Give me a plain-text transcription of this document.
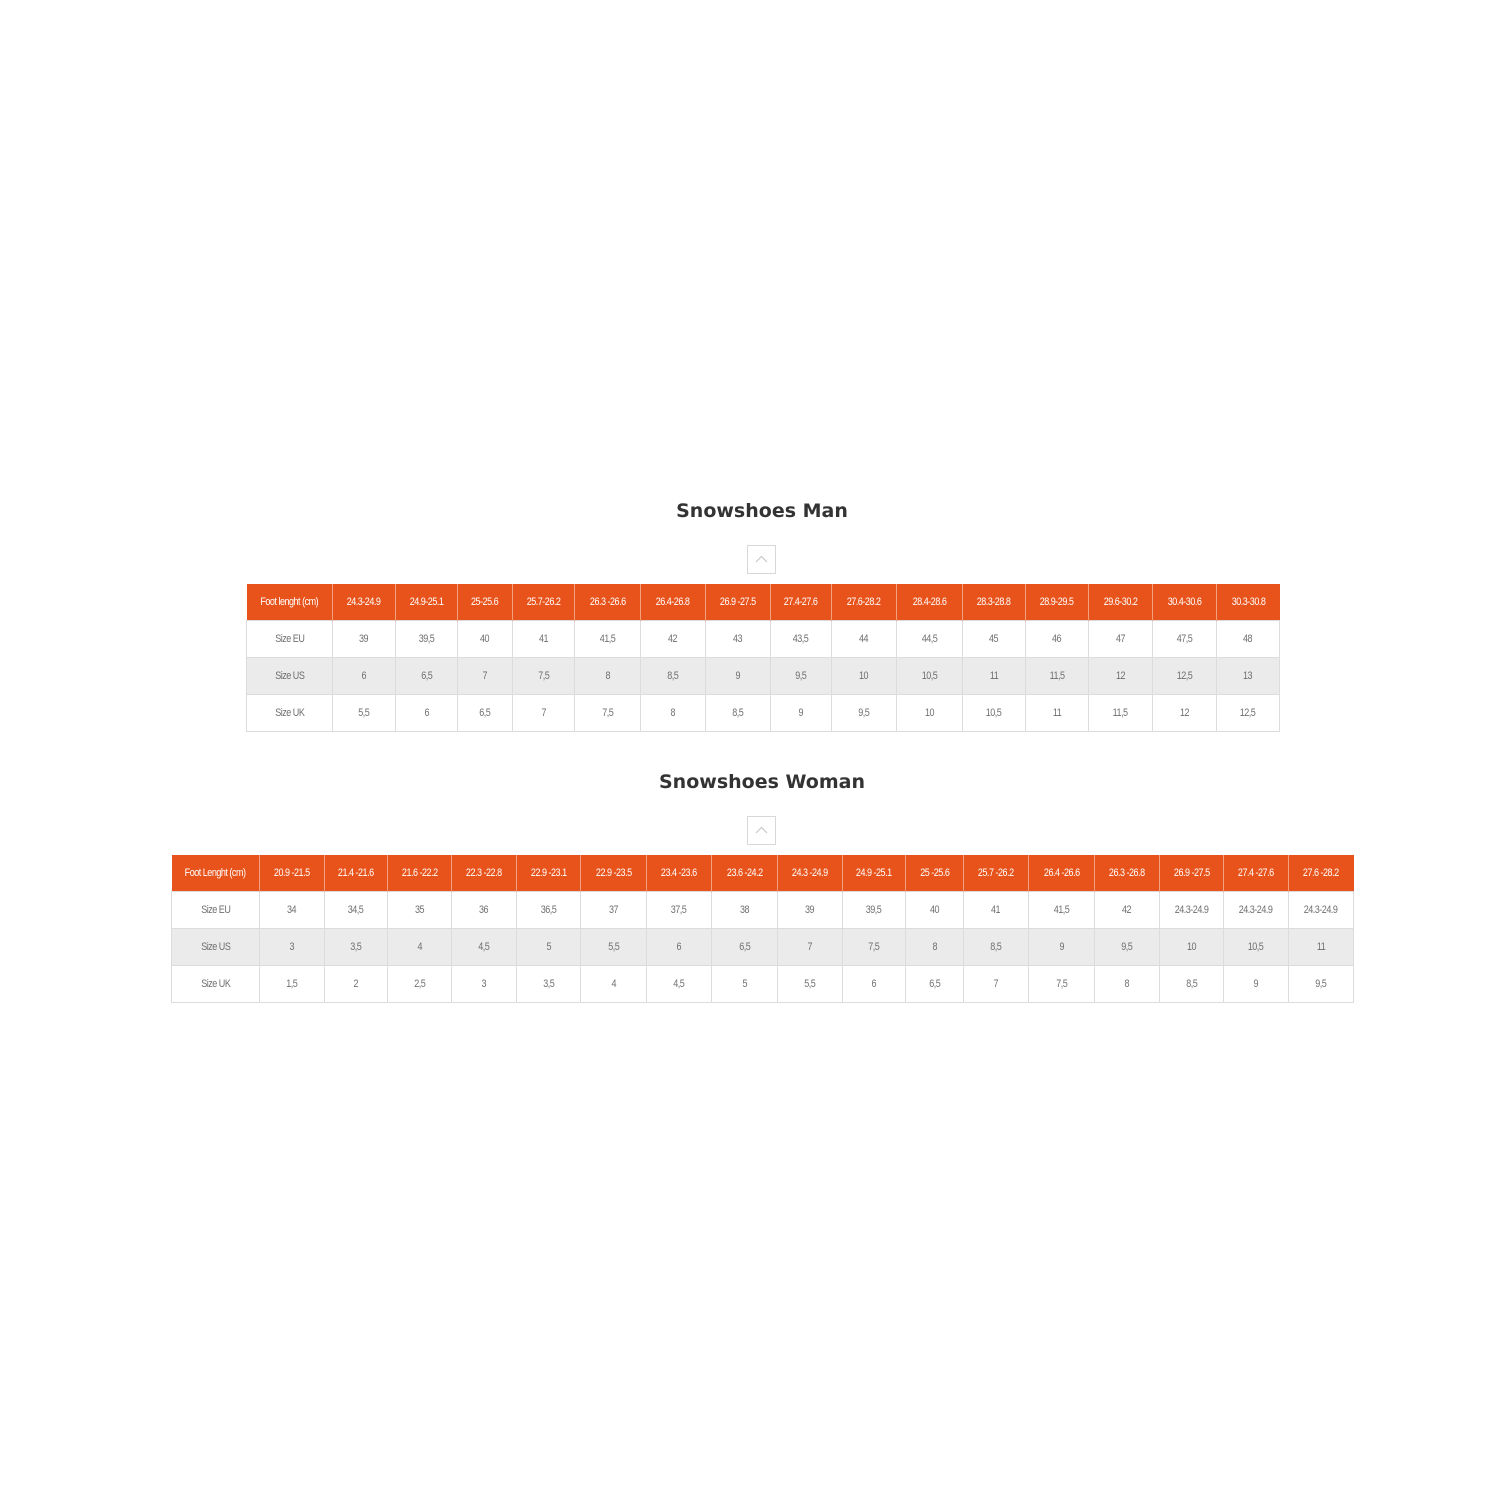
Snowshoes Man
Foot lenght (cm)	24.3-24.9	24.9-25.1	25-25.6	25.7-26.2	26.3 -26.6	26.4-26.8	26.9 -27.5	27.4-27.6	27.6-28.2	28.4-28.6	28.3-28.8	28.9-29.5	29.6-30.2	30.4-30.6	30.3-30.8
Size EU	39	39,5	40	41	41,5	42	43	43,5	44	44,5	45	46	47	47,5	48
Size US	6	6,5	7	7,5	8	8,5	9	9,5	10	10,5	11	11,5	12	12,5	13
Size UK	5,5	6	6,5	7	7,5	8	8,5	9	9,5	10	10,5	11	11,5	12	12,5
Snowshoes Woman
Foot Lenght (cm)	20.9 -21.5	21.4 -21.6	21.6 -22.2	22.3 -22.8	22.9 -23.1	22.9 -23.5	23.4 -23.6	23.6 -24.2	24.3 -24.9	24.9 -25.1	25 -25.6	25.7 -26.2	26.4 -26.6	26.3 -26.8	26.9 -27.5	27.4 -27.6	27.6 -28.2
Size EU	34	34,5	35	36	36,5	37	37,5	38	39	39,5	40	41	41,5	42	24.3-24.9	24.3-24.9	24.3-24.9
Size US	3	3,5	4	4,5	5	5,5	6	6,5	7	7,5	8	8,5	9	9,5	10	10,5	11
Size UK	1,5	2	2,5	3	3,5	4	4,5	5	5,5	6	6,5	7	7,5	8	8,5	9	9,5
